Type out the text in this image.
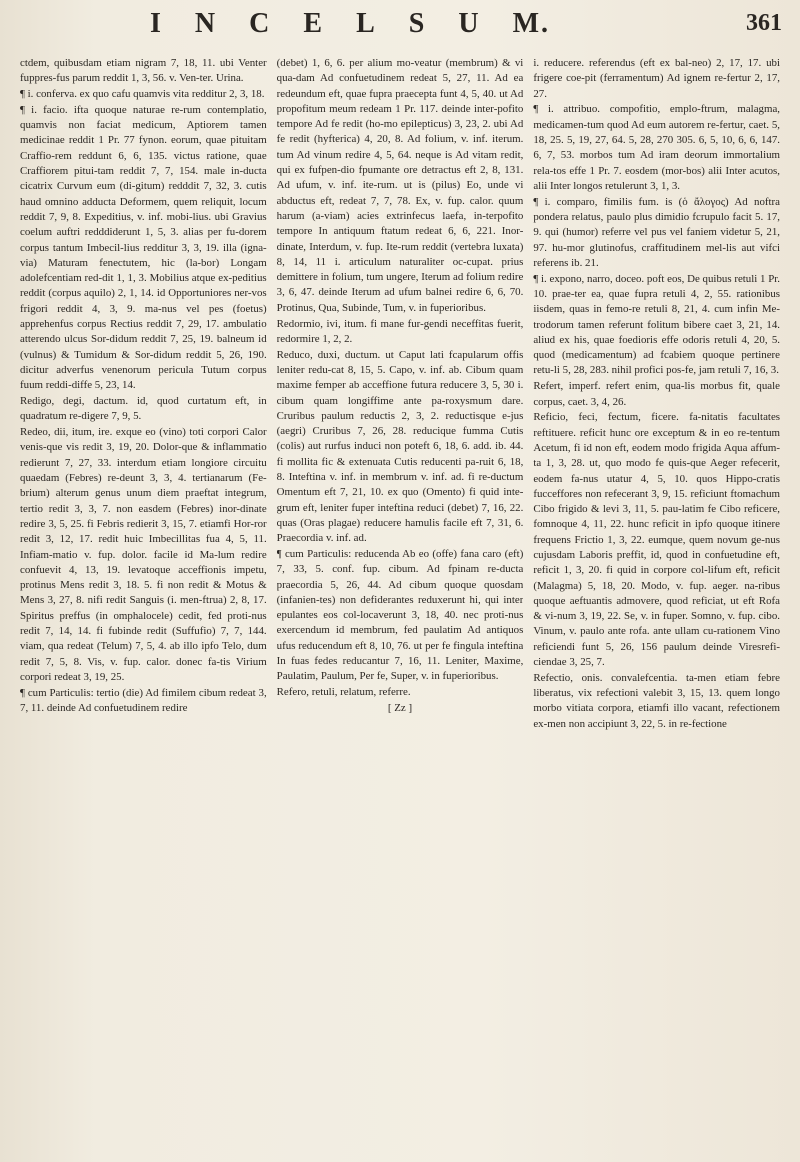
I N C E L S U M.	361

ctdem, quibusdam etiam nigram 7, 18, 11. ubi Venter fuppres-fus parum reddit 1, 3, 56. v. Ven-ter. Urina.

¶ i. conferva. ex quo cafu quamvis vita redditur 2, 3, 18.

¶ i. facio. ifta quoque naturae re-rum contemplatio, quamvis non faciat medicum, Aptiorem tamen medicinae reddit 1 Pr. 77 fynon. eorum, quae pituitam Craffio-rem reddunt 6, 6, 135. victus ratione, quae Craffiorem pitui-tam reddit 7, 7, 154. male in-ducta cicatrix Curvum eum (di-gitum) redddit 7, 32, 3. cutis haud omnino adducta Deformem, quem reliquit, locum reddit 7, 9, 8. Expeditius, v. inf. mobi-lius. ubi Gravius coelum auftri redddiderunt 1, 5, 3. alias per fu-dorem corpus tantum Imbecil-lius redditur 3, 3, 19. illa (igna-via) Maturam fenectutem, hic (la-bor) Longam adolefcentiam red-dit 1, 1, 3. Mobilius atque ex-peditius reddit (corpus aquilo) 2, 1, 14. id Opportuniores ner-vos frigori reddit 4, 3, 9. ma-nus vel pes (foetus) apprehenfus corpus Rectius reddit 7, 29, 17. ambulatio atterendo ulcus Sor-didum reddit 7, 25, 19. balneum id (vulnus) & Tumidum & Sor-didum reddit 5, 26, 190. dicitur adverfus venenorum pericula Tutum corpus fuum reddi-diffe 5, 23, 14.

Redigo, degi, dactum. id, quod curtatum eft, in quadratum re-digere 7, 9, 5.

Redeo, dii, itum, ire. exque eo (vino) toti corpori Calor venis-que vis redit 3, 19, 20. Dolor-que & inflammatio redierunt 7, 27, 33. interdum etiam longiore circuitu quaedam (Febres) re-deunt 3, 3, 4. tertianarum (Fe-brium) alterum genus unum diem praeftat integrum, tertio redit 3, 3, 7. non easdem (Febres) inor-dinate redire 3, 5, 25. fi Febris redierit 3, 15, 7. etiamfi Hor-ror redit 3, 12, 17. redit huic Imbecillitas fua 4, 5, 11. Infiam-matio v. fup. dolor. facile id Ma-lum redire confuevit 4, 13, 19. levatoque acceffionis impetu, protinus Mens redit 3, 18. 5. fi non redit & Motus & Mens 3, 27, 8. nifi redit Sanguis (i. men-ftrua) 2, 8, 17. Spiritus preffus (in omphalocele) cedit, fed proti-nus redit 7, 14, 14. fi fubinde redit (Suffufio) 7, 7, 144. viam, qua redeat (Telum) 7, 5, 4. ab illo ipfo Telo, dum redit 7, 5, 8. Vis, v. fup. calor. donec fa-tis Virium corpori redeat 3, 19, 25.

¶ cum Particulis: tertio (die) Ad fimilem cibum redeat 3, 7, 11. deinde Ad confuetudinem redire

(debet) 1, 6, 6. per alium mo-veatur (membrum) & vi qua-dam Ad confuetudinem redeat 5, 27, 11. Ad ea redeundum eft, quae fupra praecepta funt 4, 5, 40. ut Ad propofitum meum redeam 1 Pr. 117. deinde inter-pofito tempore Ad fe redit (ho-mo epilepticus) 3, 23, 2. ubi Ad fe redit (hyfterica) 4, 20, 8. Ad folium, v. inf. iterum. tum Ad vinum redire 4, 5, 64. neque is Ad vitam redit, qui ex fufpen-dio fpumante ore detractus eft 2, 8, 131. Ad ufum, v. inf. ite-rum. ut is (pilus) Eo, unde vi abductus eft, redeat 7, 7, 78. Ex, v. fup. calor. quum harum (a-viam) acies extrinfecus laefa, in-terpofito tempore In antiquum ftatum redeat 6, 6, 221. Inor-dinate, Interdum, v. fup. Ite-rum reddit (vertebra luxata) 8, 14, 11 i. articulum naturaliter oc-cupat. prius demittere in folium, tum ungere, Iterum ad folium redire 3, 6, 47. deinde Iterum ad ufum balnei redire 6, 6, 70. Protinus, Qua, Subinde, Tum, v. in fuperioribus.

Redormio, ivi, itum. fi mane fur-gendi neceffitas fuerit, redormire 1, 2, 2.

Reduco, duxi, ductum. ut Caput lati fcapularum offis leniter redu-cat 8, 15, 5. Capo, v. inf. ab. Cibum quam maxime femper ab acceffione futura reducere 3, 5, 30 i. cibum quam longiffime ante pa-roxysmum dare. Cruribus paulum reductis 2, 3, 2. reductisque e-jus (aegri) Cruribus 7, 26, 28. reducique fumma Cutis (colis) aut rurfus induci non poteft 6, 18, 6. add. ib. 44. fi mollita fic & extenuata Cutis reducenti pa-ruit 6, 18, 8. Inteftina v. inf. in membrum v. inf. ad. fi re-ductum Omentum eft 7, 21, 10. ex quo (Omento) fi quid inte-grum eft, leniter fuper inteftina reduci (debet) 7, 16, 22. quas (Oras plagae) reducere hamulis facile eft 7, 31, 6. Praecordia v. inf. ad.

¶ cum Particulis: reducenda Ab eo (offe) fana caro (eft) 7, 33, 5. conf. fup. cibum. Ad fpinam re-ducta praecordia 5, 26, 44. Ad cibum quoque quosdam (infanien-tes) non defiderantes reduxerunt hi, qui inter epulantes eos col-locaverunt 3, 18, 40. nec proti-nus exercendum id membrum, fed paulatim Ad antiquos ufus reducendum eft 8, 10, 76. ut per fe fingula inteftina In fuas fedes reducantur 7, 16, 11. Leniter, Maxime, Paulatim, Paulum, Per fe, Super, v. in fuperioribus.

Refero, retuli, relatum, referre.

[ Zz ]

i. reducere. referendus (eft ex bal-neo) 2, 17, 17. ubi frigere coe-pit (ferramentum) Ad ignem re-fertur 2, 17, 27.

¶ i. attribuo. compofitio, emplo-ftrum, malagma, medicamen-tum quod Ad eum autorem re-fertur, caet. 5, 18, 25. 5, 19, 27, 64. 5, 28, 270 305. 6, 5, 10, 6, 6, 147. 6, 7, 53. morbos tum Ad iram deorum immortalium rela-tos effe 1 Pr. 7. eosdem (mor-bos) alii Inter acutos, alii Inter longos retulerunt 3, 1, 3.

¶ i. comparo, fimilis fum. is (ὁ ἄλογος) Ad noftra pondera relatus, paulo plus dimidio fcrupulo facit 5. 17, 9. qui (humor) referre vel pus vel faniem videtur 5, 21, 97. hu-mor glutinofus, craffitudinem mel-lis aut vifci referens ib. 21.

¶ i. expono, narro, doceo. poft eos, De quibus retuli 1 Pr. 10. prae-ter ea, quae fupra retuli 4, 2, 55. rationibus iisdem, quas in femo-re retuli 8, 21, 4. cum infin Me-trodorum tamen referunt folitum bibere caet 3, 21, 14. aliud ex his, quae foedioris effe odoris retuli 4, 20, 5. quod (medicamentum) ad fcabiem quoque pertinere retu-li 5, 28, 283. nihil profici pos-fe, jam retuli 7, 16, 3.

Refert, imperf. refert enim, qua-lis morbus fit, quale corpus, caet. 3, 4, 26.

Reficio, feci, fectum, ficere. fa-nitatis facultates reftituere. reficit hunc ore exceptum & in eo re-tentum Acetum, fi id non eft, eodem modo frigida Aqua affum-ta 1, 3, 28. ut, quo modo fe quis-que Aeger refecerit, eodem fa-nus utatur 4, 5, 10. quos Hippo-cratis fucceffores non refecerant 3, 9, 15. reficiunt ftomachum Cibo frigido & levi 3, 11, 5. pau-latim fe Cibo reficere, fomnoque 4, 11, 22. hunc reficit in ipfo quoque itinere frequens Frictio 1, 3, 22. eumque, quem novum ge-nus cujusdam Laboris preffit, id, quod in confuetudine eft, reficit 1, 3, 20. fi quid in corpore col-lifum eft, reficit (Malagma) 5, 18, 20. Modo, v. fup. aeger. na-ribus quoque aeftuantis admovere, quod reficiat, ut eft Rofa & vi-num 3, 19, 22. Se, v. in fuper. Somno, v. fup. cibo. Vinum, v. paulo ante rofa. ante ullam cu-rationem Vino reficiendi funt 5, 26, 156 paulum deinde Viresrefi-ciendae 3, 25, 7.

Refectio, onis. convalefcentia. ta-men etiam febre liberatus, vix refectioni valebit 3, 15, 13. quem longo morbo vitiata corpora, etiamfi illo vacant, refectionem ex-men non accipiunt 3, 22, 5. in re-fectione
